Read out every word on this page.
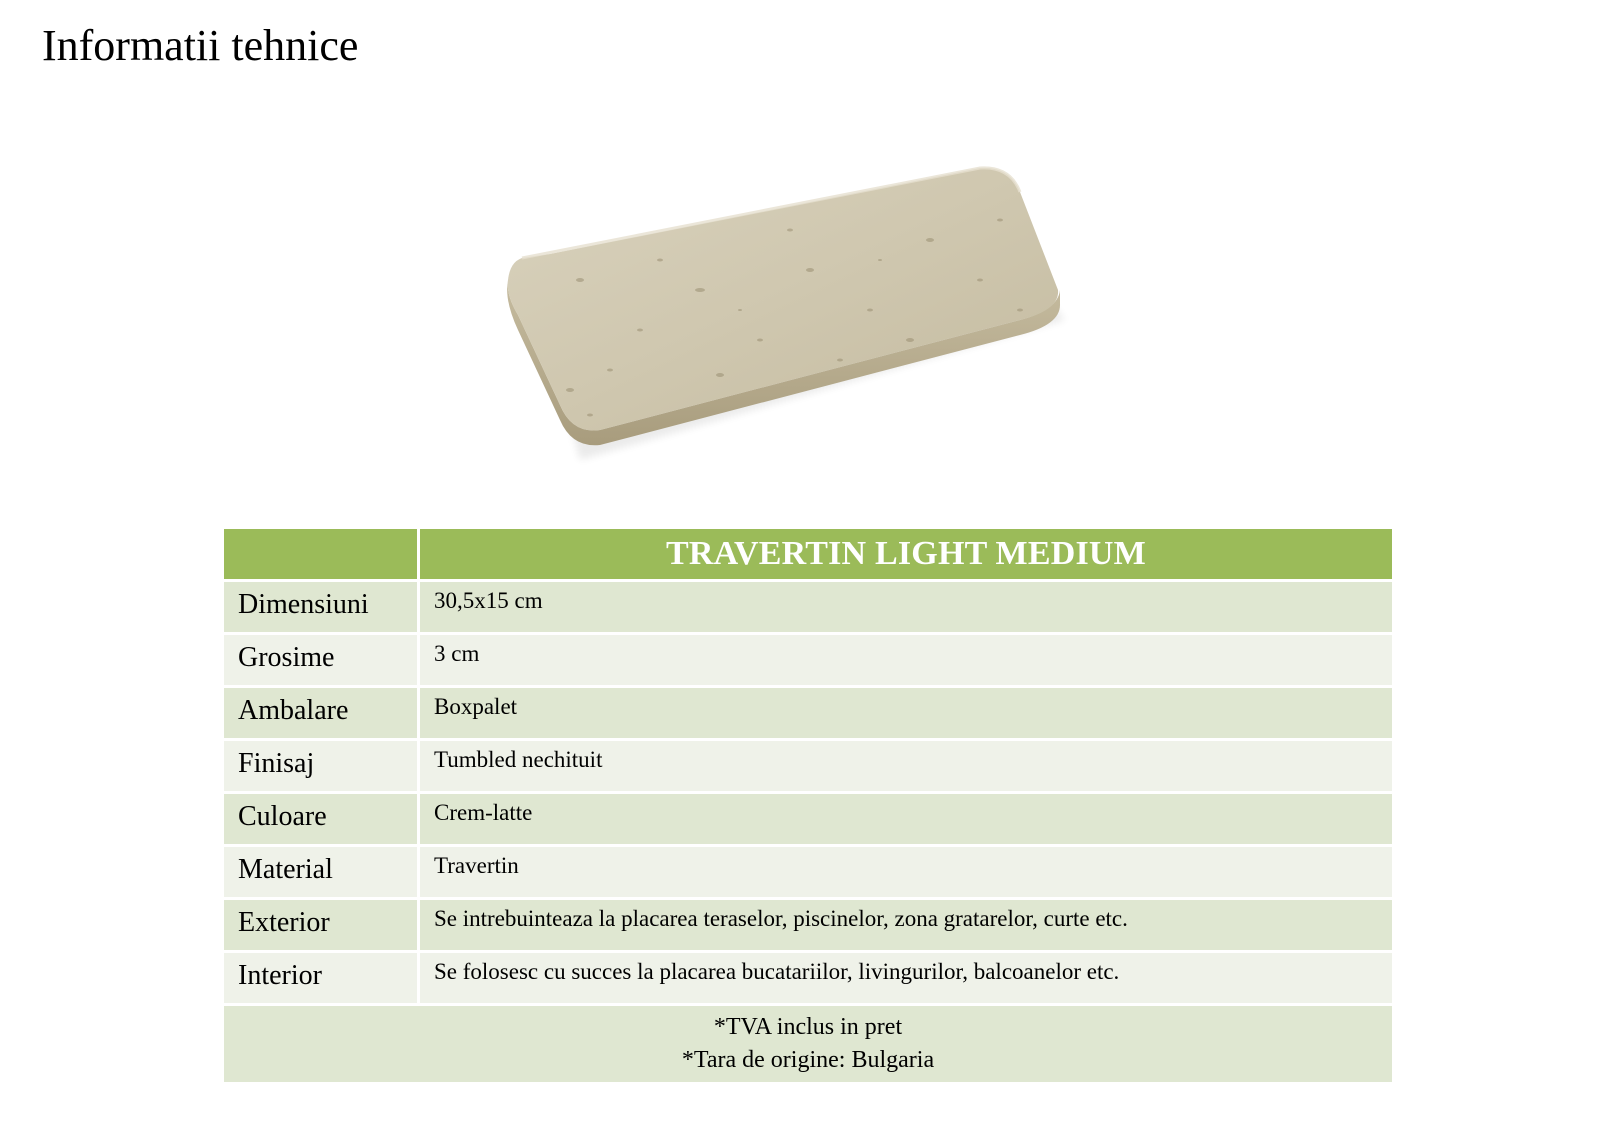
Informatii tehnice
	TRAVERTIN LIGHT MEDIUM
Dimensiuni	30,5x15 cm
Grosime	3 cm
Ambalare	Boxpalet
Finisaj	Tumbled nechituit
Culoare	Crem-latte
Material	Travertin
Exterior	Se intrebuinteaza la placarea teraselor, piscinelor, zona gratarelor, curte etc.
Interior	Se folosesc cu succes la placarea bucatariilor, livingurilor, balcoanelor etc.

*TVA inclus in pret
*Tara de origine: Bulgaria	
